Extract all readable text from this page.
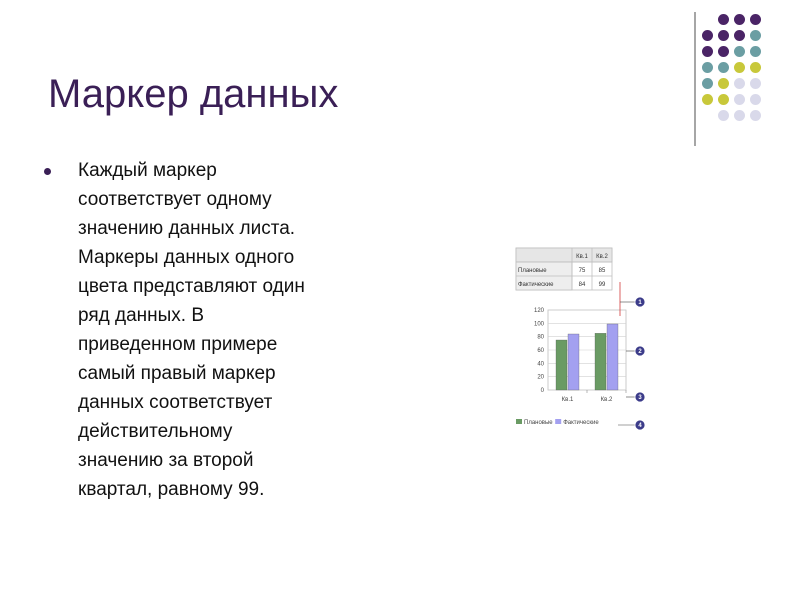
Маркер данных
Каждый маркер
соответствует одному
значению данных листа.
Маркеры данных одного
цвета представляют один
ряд данных. В
приведенном примере
самый правый маркер
данных соответствует
действительному
значению за второй
квартал, равному 99.
Кв.1 Кв.2
Плановые	75 85
Фактические	84 99
0
20
40
60
80
100
120
Кв.1	Кв.2
Плановые Фактические
1
2
3
4
